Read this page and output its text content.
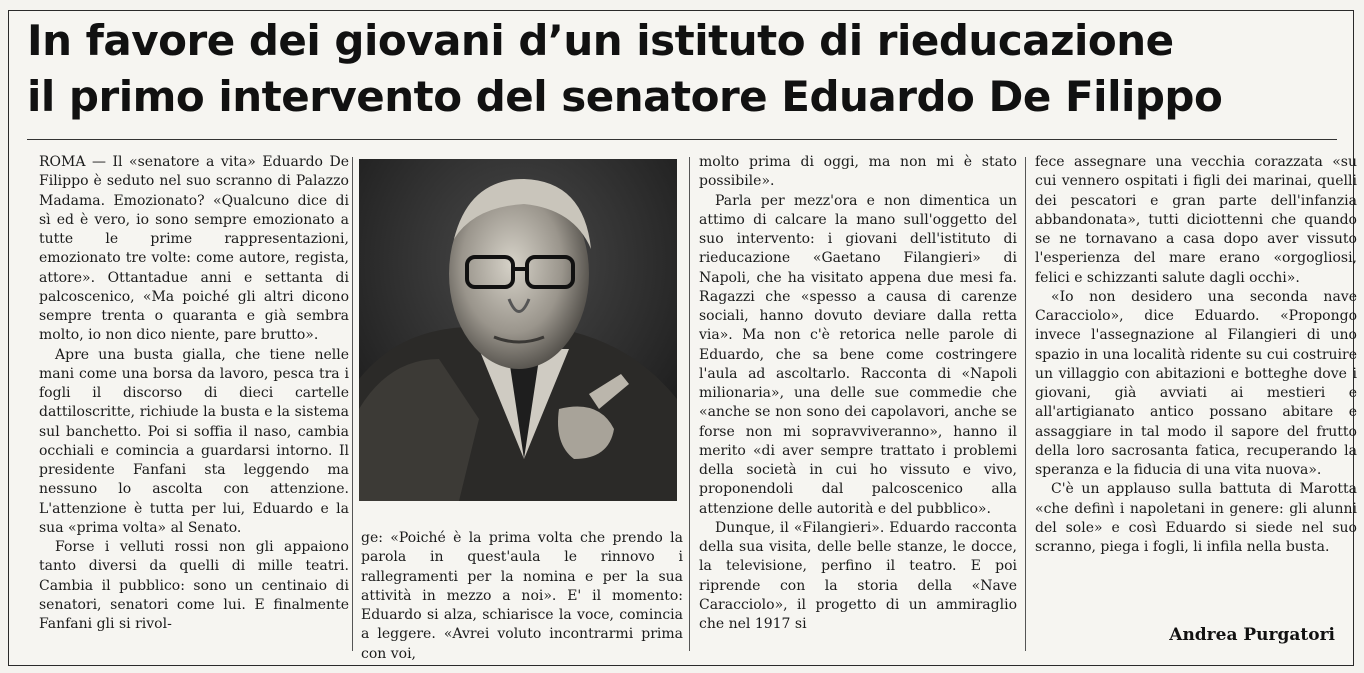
In favore dei giovani d’un istituto di rieducazione
il primo intervento del senatore Eduardo De Filippo

ROMA — Il «senatore a vita» Eduardo De Filippo è seduto nel suo scranno di Palazzo Madama. Emozionato? «Qualcuno dice di sì ed è vero, io sono sempre emozionato a tutte le prime rappresentazioni, emozionato tre volte: come autore, regista, attore». Ottantadue anni e settanta di palcoscenico, «Ma poiché gli altri dicono sempre trenta o quaranta e già sembra molto, io non dico niente, pare brutto».

Apre una busta gialla, che tiene nelle mani come una borsa da lavoro, pesca tra i fogli il discorso di dieci cartelle dattiloscritte, richiude la busta e la sistema sul banchetto. Poi si soffia il naso, cambia occhiali e comincia a guardarsi intorno. Il presidente Fanfani sta leggendo ma nessuno lo ascolta con attenzione. L'attenzione è tutta per lui, Eduardo e la sua «prima volta» al Senato.

Forse i velluti rossi non gli appaiono tanto diversi da quelli di mille teatri. Cambia il pubblico: sono un centinaio di senatori, senatori come lui. E finalmente Fanfani gli si rivol-

ge: «Poiché è la prima volta che prendo la parola in quest'aula le rinnovo i rallegramenti per la nomina e per la sua attività in mezzo a noi». E' il momento: Eduardo si alza, schiarisce la voce, comincia a leggere. «Avrei voluto incontrarmi prima con voi,

molto prima di oggi, ma non mi è stato possibile».

Parla per mezz'ora e non dimentica un attimo di calcare la mano sull'oggetto del suo intervento: i giovani dell'istituto di rieducazione «Gaetano Filangieri» di Napoli, che ha visitato appena due mesi fa. Ragazzi che «spesso a causa di carenze sociali, hanno dovuto deviare dalla retta via». Ma non c'è retorica nelle parole di Eduardo, che sa bene come costringere l'aula ad ascoltarlo. Racconta di «Napoli milionaria», una delle sue commedie che «anche se non sono dei capolavori, anche se forse non mi sopravviveranno», hanno il merito «di aver sempre trattato i problemi della società in cui ho vissuto e vivo, proponendoli dal palcoscenico alla attenzione delle autorità e del pubblico».

Dunque, il «Filangieri». Eduardo racconta della sua visita, delle belle stanze, le docce, la televisione, perfino il teatro. E poi riprende con la storia della «Nave Caracciolo», il progetto di un ammiraglio che nel 1917 si

fece assegnare una vecchia corazzata «su cui vennero ospitati i figli dei marinai, quelli dei pescatori e gran parte dell'infanzia abbandonata», tutti diciottenni che quando se ne tornavano a casa dopo aver vissuto l'esperienza del mare erano «orgogliosi, felici e schizzanti salute dagli occhi».

«Io non desidero una seconda nave Caracciolo», dice Eduardo. «Propongo invece l'assegnazione al Filangieri di uno spazio in una località ridente su cui costruire un villaggio con abitazioni e botteghe dove i giovani, già avviati ai mestieri e all'artigianato antico possano abitare e assaggiare in tal modo il sapore del frutto della loro sacrosanta fatica, recuperando la speranza e la fiducia di una vita nuova».

C'è un applauso sulla battuta di Marotta «che definì i napoletani in genere: gli alunni del sole» e così Eduardo si siede nel suo scranno, piega i fogli, li infila nella busta.

Andrea Purgatori
